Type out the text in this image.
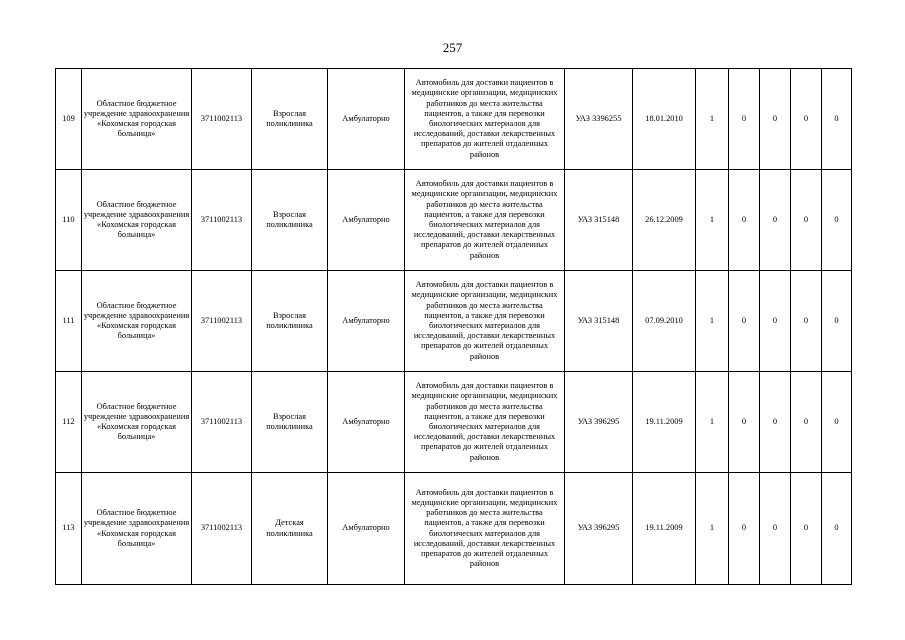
257
109	Областное бюджетное учреждение здравоохранения «Кохомская городская больница»	3711002113	Взрослая поликлиника	Амбулаторно	Автомобиль для доставки пациентов в медицинские организации, медицинских работников до места жительства пациентов, а также для перевозки биологических материалов для исследований, доставки лекарственных препаратов до жителей отдаленных районов	УАЗ 3396255	18.01.2010	1	0	0	0	0
110	Областное бюджетное учреждение здравоохранения «Кохомская городская больница»	3711002113	Взрослая поликлиника	Амбулаторно	Автомобиль для доставки пациентов в медицинские организации, медицинских работников до места жительства пациентов, а также для перевозки биологических материалов для исследований, доставки лекарственных препаратов до жителей отдаленных районов	УАЗ 315148	26.12.2009	1	0	0	0	0
111	Областное бюджетное учреждение здравоохранения «Кохомская городская больница»	3711002113	Взрослая поликлиника	Амбулаторно	Автомобиль для доставки пациентов в медицинские организации, медицинских работников до места жительства пациентов, а также для перевозки биологических материалов для исследований, доставки лекарственных препаратов до жителей отдаленных районов	УАЗ 315148	07.09.2010	1	0	0	0	0
112	Областное бюджетное учреждение здравоохранения «Кохомская городская больница»	3711002113	Взрослая поликлиника	Амбулаторно	Автомобиль для доставки пациентов в медицинские организации, медицинских работников до места жительства пациентов, а также для перевозки биологических материалов для исследований, доставки лекарственных препаратов до жителей отдаленных районов	УАЗ 396295	19.11.2009	1	0	0	0	0
113	Областное бюджетное учреждение здравоохранения «Кохомская городская больница»	3711002113	Детская поликлиника	Амбулаторно	Автомобиль для доставки пациентов в медицинские организации, медицинских работников до места жительства пациентов, а также для перевозки биологических материалов для исследований, доставки лекарственных препаратов до жителей отдаленных районов	УАЗ 396295	19.11.2009	1	0	0	0	0
